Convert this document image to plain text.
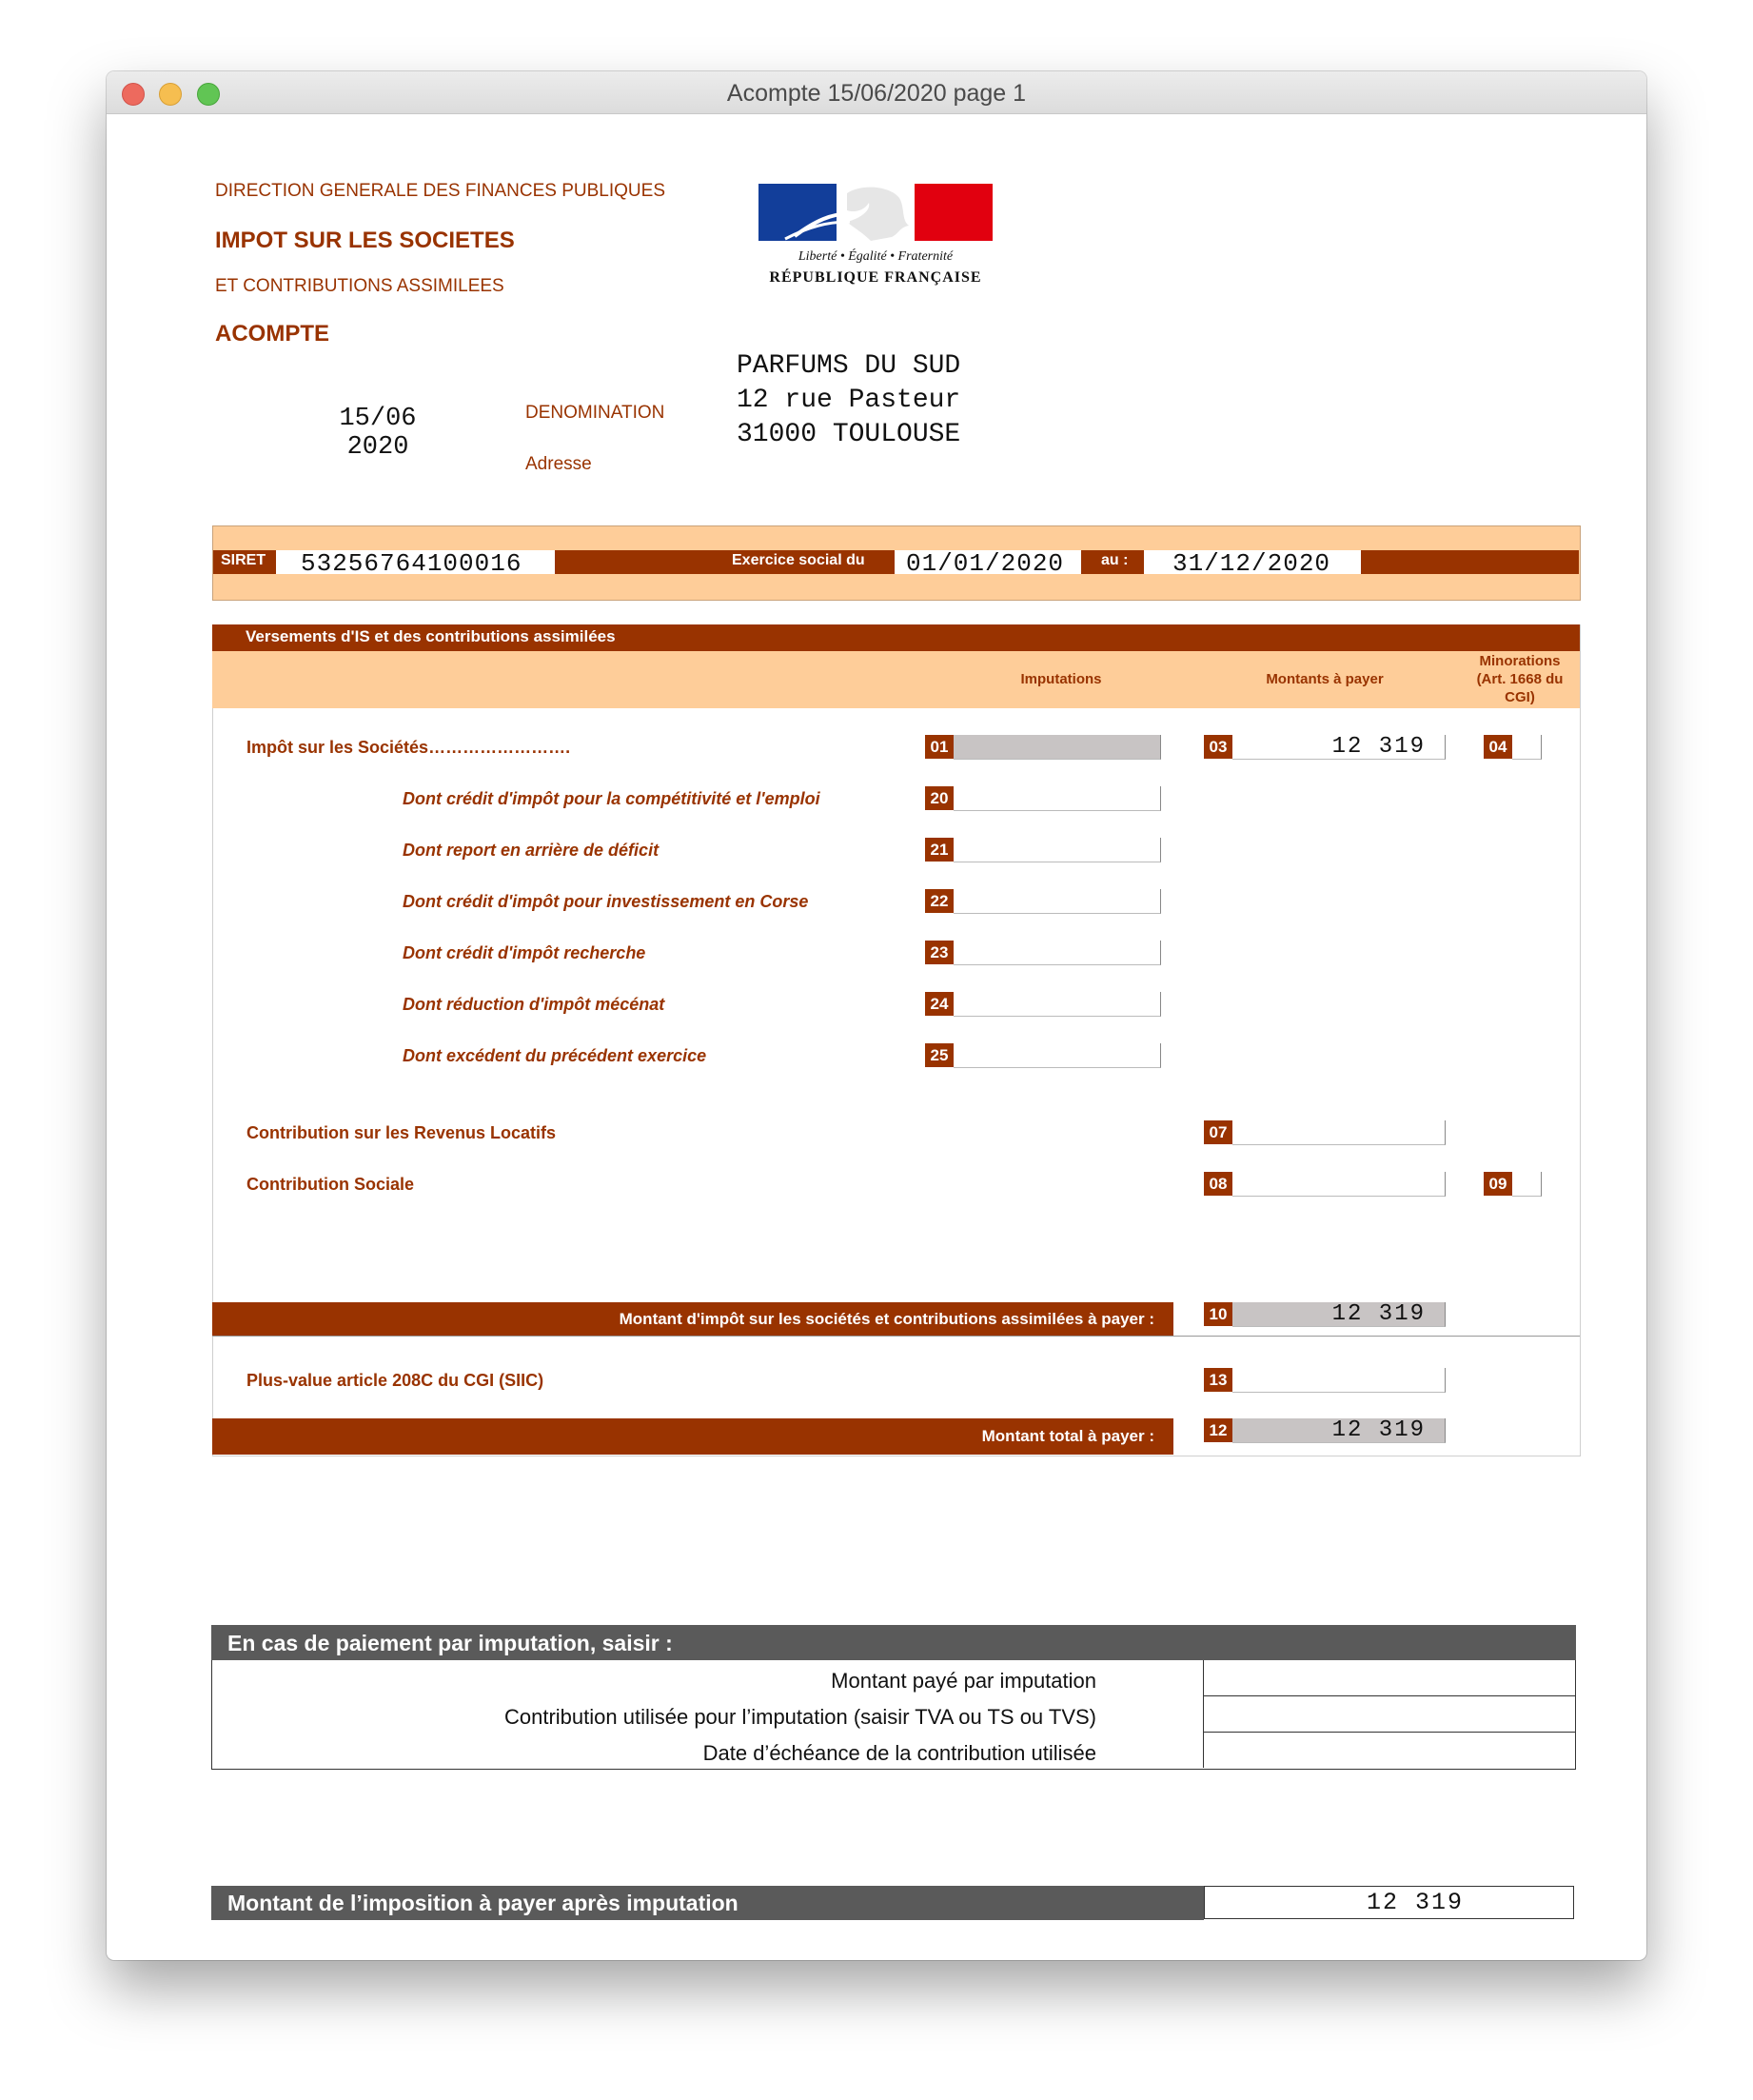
Acompte 15/06/2020 page 1
DIRECTION GENERALE DES FINANCES PUBLIQUES
IMPOT SUR LES SOCIETES
ET CONTRIBUTIONS ASSIMILEES
ACOMPTE
Liberté • Égalité • Fraternité
RÉPUBLIQUE FRANÇAISE
15/06
2020
DENOMINATION
Adresse
PARFUMS DU SUD
12 rue Pasteur
31000 TOULOUSE
SIRET 53256764100016	Exercice social du 01/01/2020 au : 31/12/2020
Versements d'IS et des contributions assimilées
Imputations	Montants à payer
Minorations
(Art. 1668 du
CGI)
Impôt sur les Sociétés…………………….	01	03	12 319	04
Dont crédit d'impôt pour la compétitivité et l'emploi	20
Dont report en arrière de déficit	21
Dont crédit d'impôt pour investissement en Corse	22
Dont crédit d'impôt recherche	23
Dont réduction d'impôt mécénat	24
Dont excédent du précédent exercice	25
Contribution sur les Revenus Locatifs	07
Contribution Sociale	08	09
Montant d'impôt sur les sociétés et contributions assimilées à payer :	10	12 319
Plus-value article 208C du CGI (SIIC)	13
Montant total à payer :	12	12 319
En cas de paiement par imputation, saisir :
Montant payé par imputation
Contribution utilisée pour l’imputation (saisir TVA ou TS ou TVS)
Date d’échéance de la contribution utilisée
Montant de l’imposition à payer après imputation	12 319
